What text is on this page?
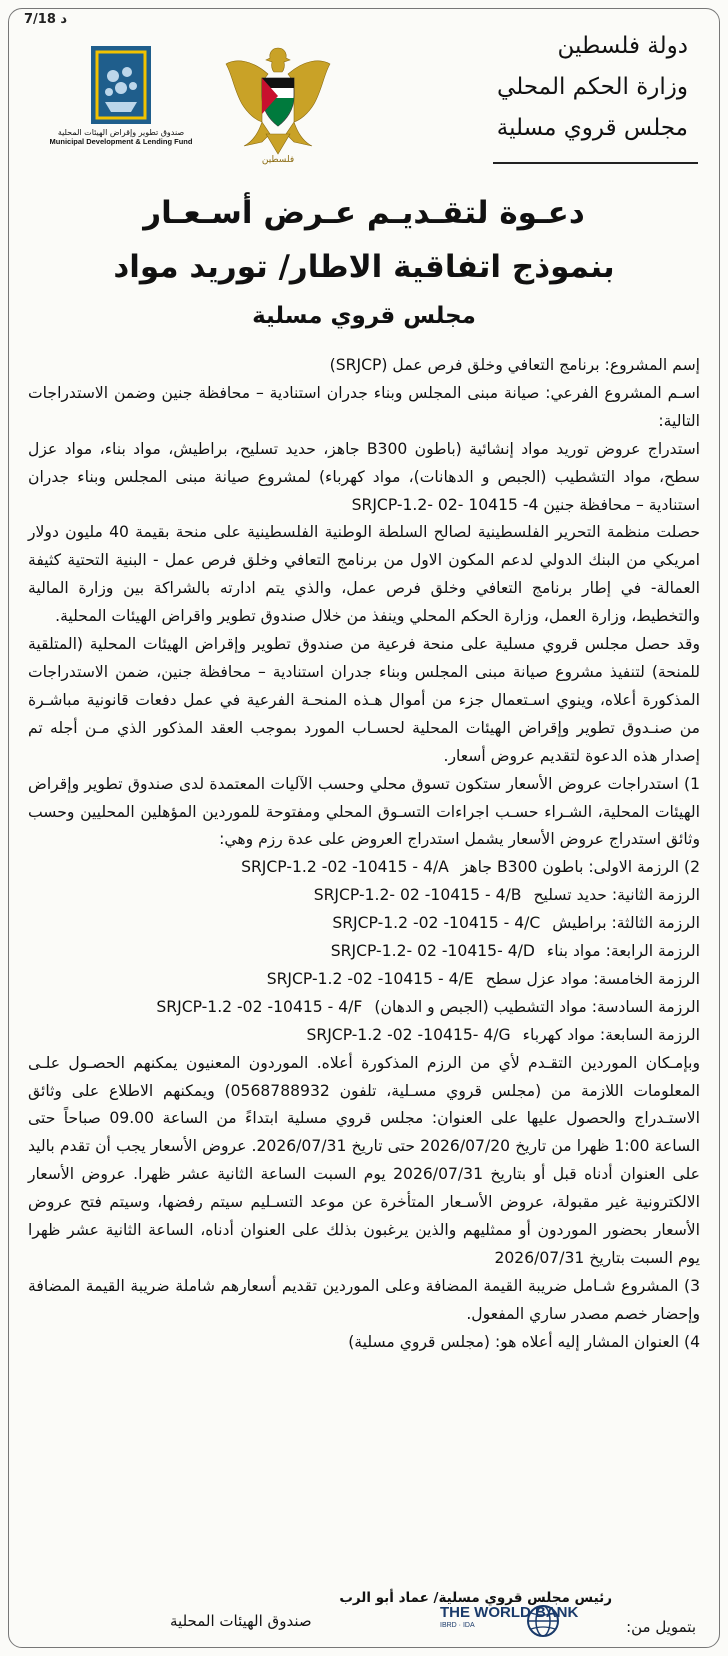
7/18 د
دولة فلسطين
وزارة الحكم المحلي
مجلس قروي مسلية
فلسطين
صندوق تطوير وإقراض الهيئات المحلية
Municipal Development & Lending Fund
دعـوة لتقـديـم عـرض أسـعـار
بنموذج اتفاقية الاطار/ توريد مواد
مجلس قروي مسلية

إسم المشروع: برنامج التعافي وخلق فرص عمل (SRJCP)

اسـم المشروع الفرعي: صيانة مبنى المجلس وبناء جدران استنادية – محافظة جنين وضمن الاستدراجات التالية:

استدراج عروض توريد مواد إنشائية (باطون B300 جاهز، حديد تسليح، براطيش، مواد بناء، مواد عزل سطح، مواد التشطيب (الجبص و الدهانات)، مواد كهرباء) لمشروع صيانة مبنى المجلس وبناء جدران استنادية – محافظة جنين 4- 10415 -02 -SRJCP-1.2

حصلت منظمة التحرير الفلسطينية لصالح السلطة الوطنية الفلسطينية على منحة بقيمة 40 مليون دولار امريكي من البنك الدولي لدعم المكون الاول من برنامج التعافي وخلق فرص عمل - البنية التحتية كثيفة العمالة- في إطار برنامج التعافي وخلق فرص عمل، والذي يتم ادارته بالشراكة بين وزارة المالية والتخطيط، وزارة العمل، وزارة الحكم المحلي وينفذ من خلال صندوق تطوير واقراض الهيئات المحلية.

وقد حصل مجلس قروي مسلية على منحة فرعية من صندوق تطوير وإقراض الهيئات المحلية (المتلقية للمنحة) لتنفيذ مشروع صيانة مبنى المجلس وبناء جدران استنادية – محافظة جنين، ضمن الاستدراجات المذكورة أعلاه، وينوي اسـتعمال جزء من أموال هـذه المنحـة الفرعية في عمل دفعات قانونية مباشـرة من صنـدوق تطوير وإقراض الهيئات المحلية لحسـاب المورد بموجب العقد المذكور الذي مـن أجله تم إصدار هذه الدعوة لتقديم عروض أسعار.

1) استدراجات عروض الأسعار ستكون تسوق محلي وحسب الآليات المعتمدة لدى صندوق تطوير وإقراض الهيئات المحلية، الشـراء حسـب اجراءات التسـوق المحلي ومفتوحة للموردين المؤهلين المحليين وحسب وثائق استدراج عروض الأسعار يشمل استدراج العروض على عدة رزم وهي:

2) الرزمة الاولى: باطون B300 جاهز
SRJCP-1.2 -02 -10415 - 4/A
الرزمة الثانية: حديد تسليح
SRJCP-1.2- 02 -10415 - 4/B
الرزمة الثالثة: براطيش
SRJCP-1.2 -02 -10415 - 4/C
الرزمة الرابعة: مواد بناء
SRJCP-1.2- 02 -10415- 4/D
الرزمة الخامسة: مواد عزل سطح
SRJCP-1.2 -02 -10415 - 4/E
الرزمة السادسة: مواد التشطيب (الجبص و الدهان)
SRJCP-1.2 -02 -10415 - 4/F
الرزمة السابعة: مواد كهرباء
SRJCP-1.2 -02 -10415- 4/G

وبإمـكان الموردين التقـدم لأي من الرزم المذكورة أعلاه. الموردون المعنيون يمكنهم الحصـول علـى المعلومات اللازمة من (مجلس قروي مسـلية، تلفون 0568788932) ويمكنهم الاطلاع على وثائق الاستـدراج والحصول عليها على العنوان: مجلس قروي مسلية ابتداءً من الساعة 09.00 صباحاً حتى الساعة 1:00 ظهرا من تاريخ 2026/07/20 حتى تاريخ 2026/07/31. عروض الأسعار يجب أن تقدم باليد على العنوان أدناه قبل أو بتاريخ 2026/07/31 يوم السبت الساعة الثانية عشر ظهرا. عروض الأسعار الالكترونية غير مقبولة، عروض الأسـعار المتأخرة عن موعد التسـليم سيتم رفضها، وسيتم فتح عروض الأسعار بحضور الموردون أو ممثليهم والذين يرغبون بذلك على العنوان أدناه، الساعة الثانية عشر ظهرا يوم السبت بتاريخ 2026/07/31

3) المشروع شـامل ضريبة القيمة المضافة وعلى الموردين تقديم أسعارهم شاملة ضريبة القيمة المضافة وإحضار خصم مصدر ساري المفعول.

4) العنوان المشار إليه أعلاه هو: (مجلس قروي مسلية)

رئيس مجلس قروي مسلية/ عماد أبو الرب
بتمويل من:
THE WORLD BANK
IBRD · IDA
صندوق الهيئات المحلية
